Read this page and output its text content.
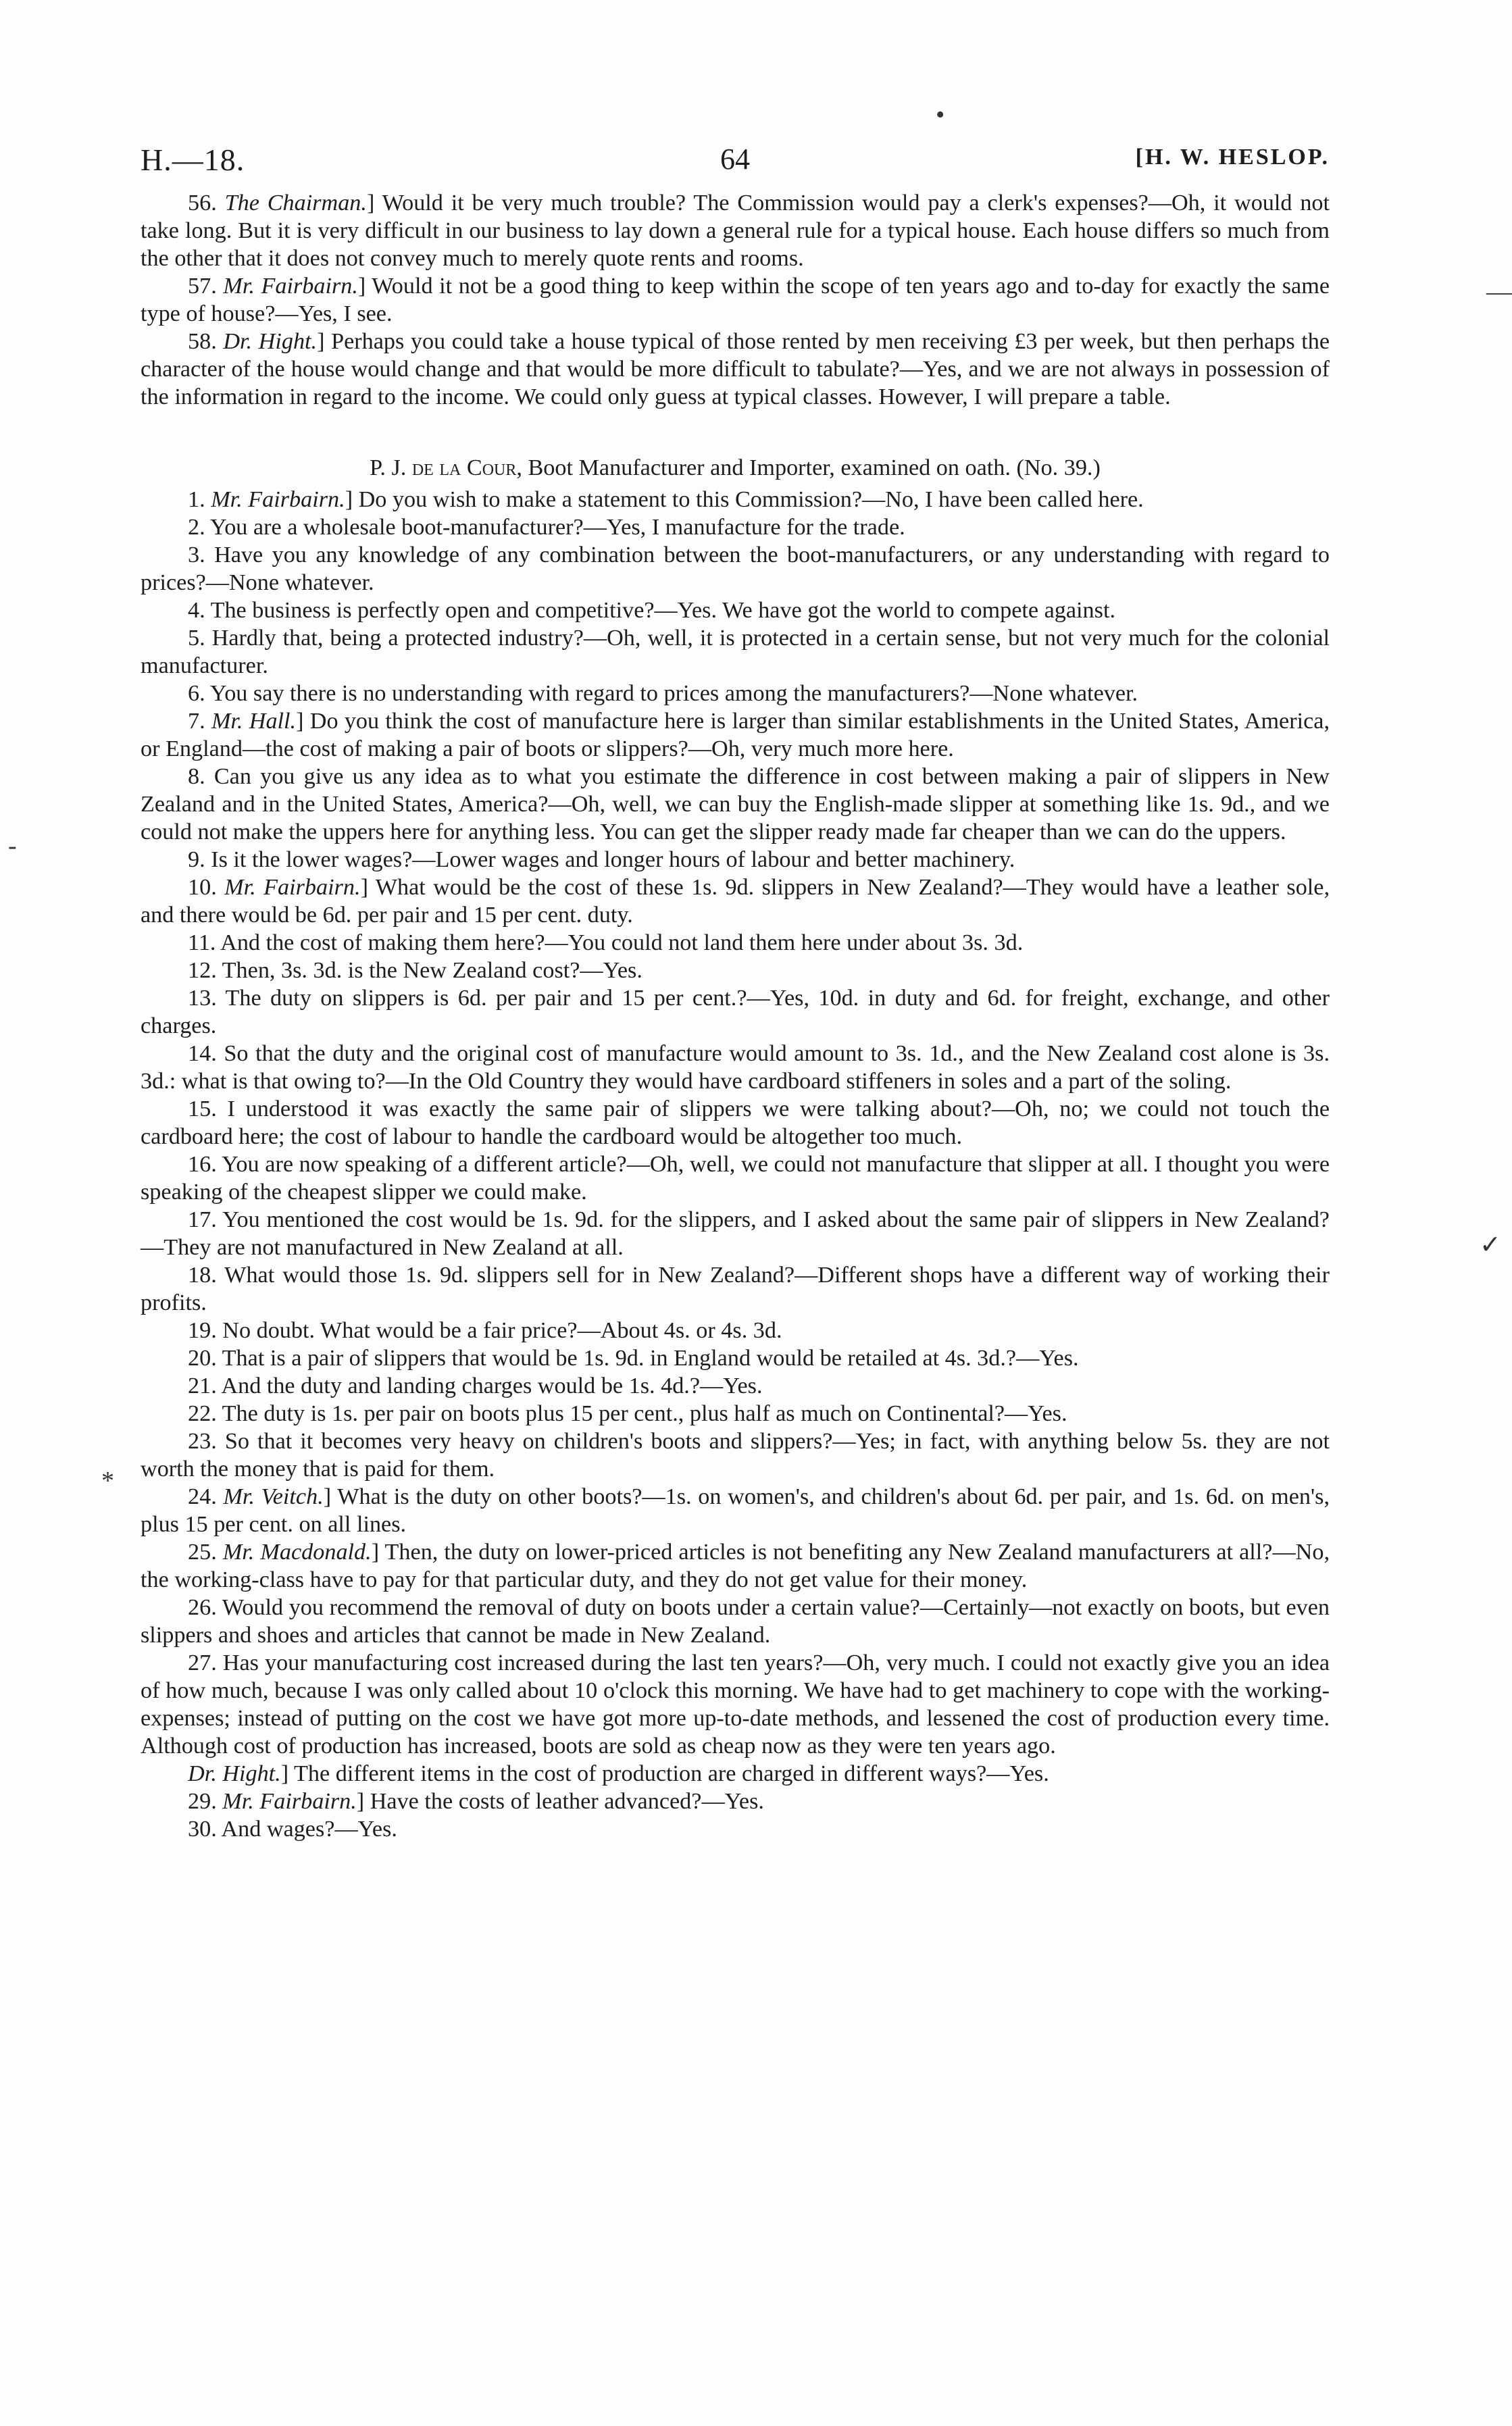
•
—
✓
-
*
H.—18.	64	[H. W. HESLOP.

56. The Chairman.] Would it be very much trouble? The Commission would pay a clerk's expenses?—Oh, it would not take long. But it is very difficult in our business to lay down a general rule for a typical house. Each house differs so much from the other that it does not convey much to merely quote rents and rooms.

57. Mr. Fairbairn.] Would it not be a good thing to keep within the scope of ten years ago and to-day for exactly the same type of house?—Yes, I see.

58. Dr. Hight.] Perhaps you could take a house typical of those rented by men receiving £3 per week, but then perhaps the character of the house would change and that would be more difficult to tabulate?—Yes, and we are not always in possession of the information in regard to the income. We could only guess at typical classes. However, I will prepare a table.

P. J. de la Cour, Boot Manufacturer and Importer, examined on oath. (No. 39.)

1. Mr. Fairbairn.] Do you wish to make a statement to this Commission?—No, I have been called here.

2. You are a wholesale boot-manufacturer?—Yes, I manufacture for the trade.

3. Have you any knowledge of any combination between the boot-manufacturers, or any understanding with regard to prices?—None whatever.

4. The business is perfectly open and competitive?—Yes. We have got the world to compete against.

5. Hardly that, being a protected industry?—Oh, well, it is protected in a certain sense, but not very much for the colonial manufacturer.

6. You say there is no understanding with regard to prices among the manufacturers?—None whatever.

7. Mr. Hall.] Do you think the cost of manufacture here is larger than similar establishments in the United States, America, or England—the cost of making a pair of boots or slippers?—Oh, very much more here.

8. Can you give us any idea as to what you estimate the difference in cost between making a pair of slippers in New Zealand and in the United States, America?—Oh, well, we can buy the English-made slipper at something like 1s. 9d., and we could not make the uppers here for anything less. You can get the slipper ready made far cheaper than we can do the uppers.

9. Is it the lower wages?—Lower wages and longer hours of labour and better machinery.

10. Mr. Fairbairn.] What would be the cost of these 1s. 9d. slippers in New Zealand?—They would have a leather sole, and there would be 6d. per pair and 15 per cent. duty.

11. And the cost of making them here?—You could not land them here under about 3s. 3d.

12. Then, 3s. 3d. is the New Zealand cost?—Yes.

13. The duty on slippers is 6d. per pair and 15 per cent.?—Yes, 10d. in duty and 6d. for freight, exchange, and other charges.

14. So that the duty and the original cost of manufacture would amount to 3s. 1d., and the New Zealand cost alone is 3s. 3d.: what is that owing to?—In the Old Country they would have cardboard stiffeners in soles and a part of the soling.

15. I understood it was exactly the same pair of slippers we were talking about?—Oh, no; we could not touch the cardboard here; the cost of labour to handle the cardboard would be altogether too much.

16. You are now speaking of a different article?—Oh, well, we could not manufacture that slipper at all. I thought you were speaking of the cheapest slipper we could make.

17. You mentioned the cost would be 1s. 9d. for the slippers, and I asked about the same pair of slippers in New Zealand?—They are not manufactured in New Zealand at all.

18. What would those 1s. 9d. slippers sell for in New Zealand?—Different shops have a different way of working their profits.

19. No doubt. What would be a fair price?—About 4s. or 4s. 3d.

20. That is a pair of slippers that would be 1s. 9d. in England would be retailed at 4s. 3d.?—Yes.

21. And the duty and landing charges would be 1s. 4d.?—Yes.

22. The duty is 1s. per pair on boots plus 15 per cent., plus half as much on Continental?—Yes.

23. So that it becomes very heavy on children's boots and slippers?—Yes; in fact, with anything below 5s. they are not worth the money that is paid for them.

24. Mr. Veitch.] What is the duty on other boots?—1s. on women's, and children's about 6d. per pair, and 1s. 6d. on men's, plus 15 per cent. on all lines.

25. Mr. Macdonald.] Then, the duty on lower-priced articles is not benefiting any New Zealand manufacturers at all?—No, the working-class have to pay for that particular duty, and they do not get value for their money.

26. Would you recommend the removal of duty on boots under a certain value?—Certainly—not exactly on boots, but even slippers and shoes and articles that cannot be made in New Zealand.

27. Has your manufacturing cost increased during the last ten years?—Oh, very much. I could not exactly give you an idea of how much, because I was only called about 10 o'clock this morning. We have had to get machinery to cope with the working-expenses; instead of putting on the cost we have got more up-to-date methods, and lessened the cost of production every time. Although cost of production has increased, boots are sold as cheap now as they were ten years ago.

Dr. Hight.] The different items in the cost of production are charged in different ways?—Yes.

29. Mr. Fairbairn.] Have the costs of leather advanced?—Yes.

30. And wages?—Yes.
